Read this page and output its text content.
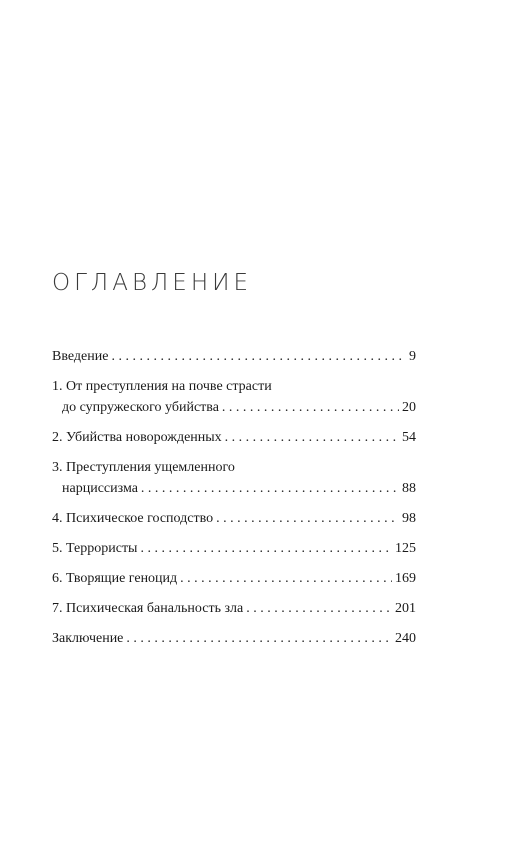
ОГЛАВЛЕНИЕ
Введение . . .	9
1. От преступления на почве страсти
до супружеского убийства . . .	20
2. Убийства новорожденных . . .	54
3. Преступления ущемленного
нарциссизма . . .	88
4. Психическое господство . . .	98
5. Террористы . . .	125
6. Творящие геноцид . . .	169
7. Психическая банальность зла . . .	201
Заключение . . .	240
